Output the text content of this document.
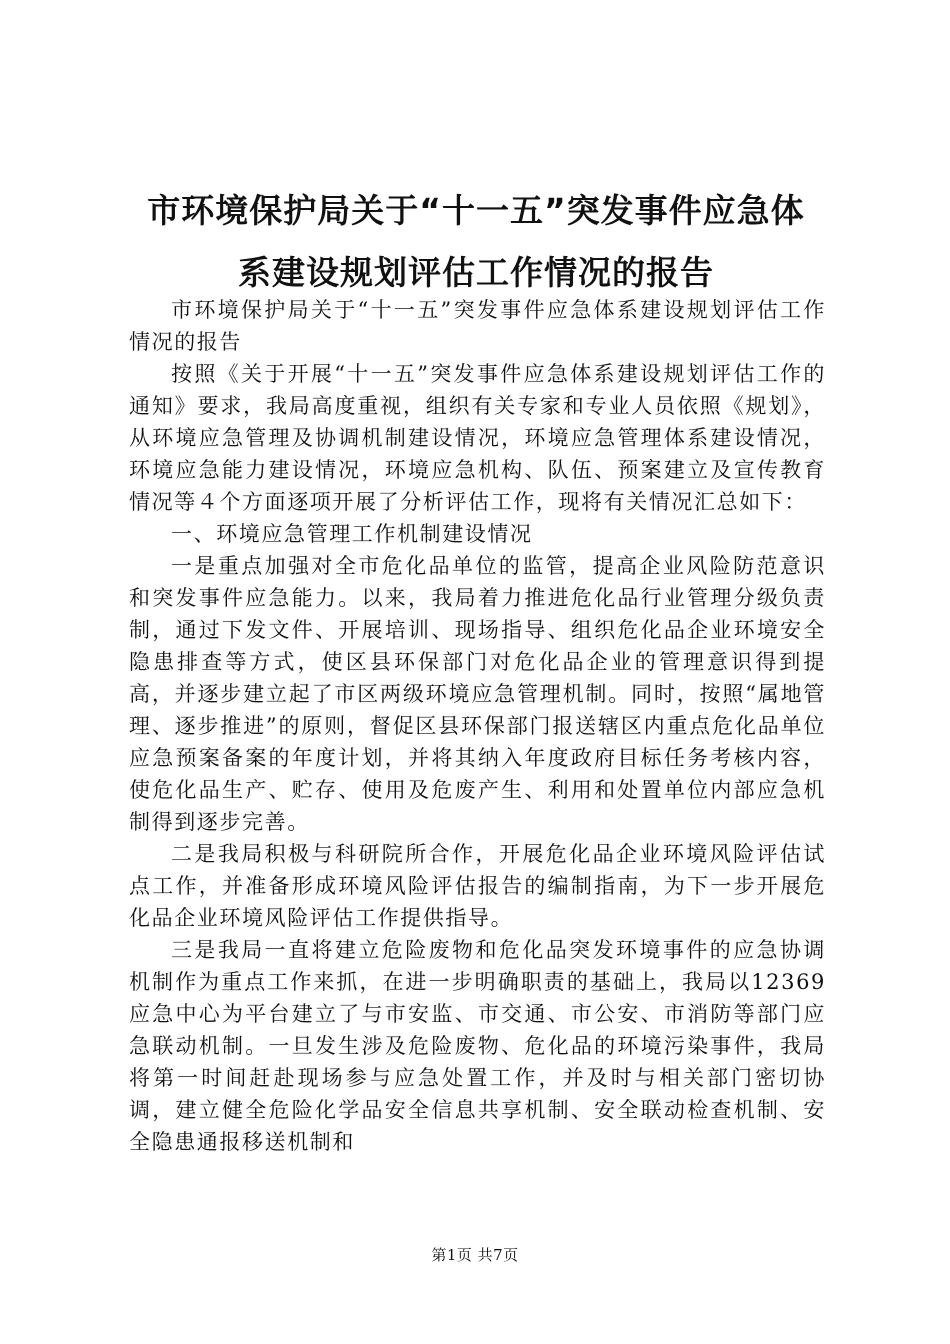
市环境保护局关于“十一五”突发事件应急体
系建设规划评估工作情况的报告

市环境保护局关于“十一五”突发事件应急体系建设规划评估工作情况的报告

按照《关于开展“十一五”突发事件应急体系建设规划评估工作的通知》要求，我局高度重视，组织有关专家和专业人员依照《规划》，从环境应急管理及协调机制建设情况，环境应急管理体系建设情况，环境应急能力建设情况，环境应急机构、队伍、预案建立及宣传教育情况等４个方面逐项开展了分析评估工作，现将有关情况汇总如下：

一、环境应急管理工作机制建设情况

一是重点加强对全市危化品单位的监管，提高企业风险防范意识和突发事件应急能力。以来，我局着力推进危化品行业管理分级负责制，通过下发文件、开展培训、现场指导、组织危化品企业环境安全隐患排查等方式，使区县环保部门对危化品企业的管理意识得到提高，并逐步建立起了市区两级环境应急管理机制。同时，按照“属地管理、逐步推进”的原则，督促区县环保部门报送辖区内重点危化品单位应急预案备案的年度计划，并将其纳入年度政府目标任务考核内容，使危化品生产、贮存、使用及危废产生、利用和处置单位内部应急机制得到逐步完善。

二是我局积极与科研院所合作，开展危化品企业环境风险评估试点工作，并准备形成环境风险评估报告的编制指南，为下一步开展危化品企业环境风险评估工作提供指导。

三是我局一直将建立危险废物和危化品突发环境事件的应急协调机制作为重点工作来抓，在进一步明确职责的基础上，我局以12369应急中心为平台建立了与市安监、市交通、市公安、市消防等部门应急联动机制。一旦发生涉及危险废物、危化品的环境污染事件，我局将第一时间赶赴现场参与应急处置工作，并及时与相关部门密切协调，建立健全危险化学品安全信息共享机制、安全联动检查机制、安全隐患通报移送机制和

第1页 共7页
